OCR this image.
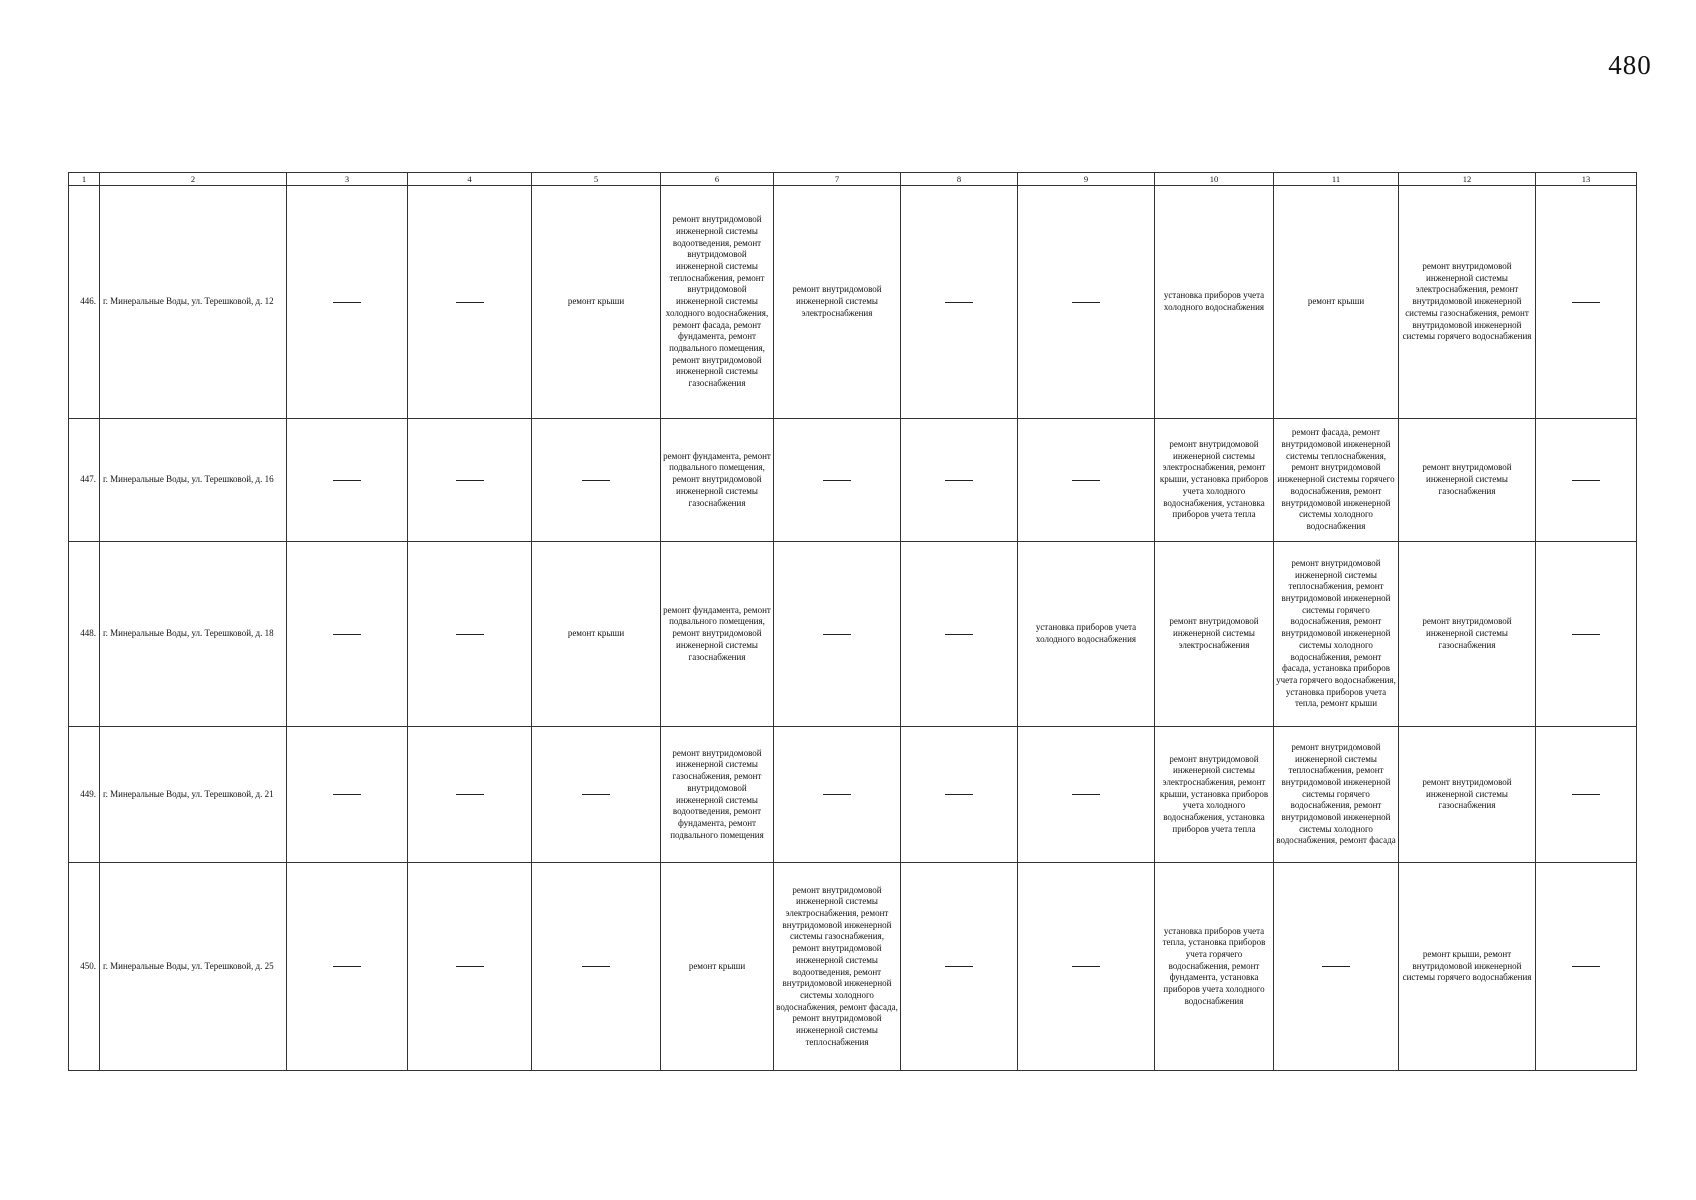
480
1	2	3	4	5	6	7	8	9	10	11	12	13
446.	г. Минеральные Воды, ул. Терешковой, д. 12			ремонт крыши	ремонт внутридомовой инженерной системы водоотведения, ремонт внутридомовой инженерной системы теплоснабжения, ремонт внутридомовой инженерной системы холодного водоснабжения, ремонт фасада, ремонт фундамента, ремонт подвального помещения, ремонт внутридомовой инженерной системы газоснабжения	ремонт внутридомовой инженерной системы электроснабжения			установка приборов учета холодного водоснабжения	ремонт крыши	ремонт внутридомовой инженерной системы электроснабжения, ремонт внутридомовой инженерной системы газоснабжения, ремонт внутридомовой инженерной системы горячего водоснабжения	
447.	г. Минеральные Воды, ул. Терешковой, д. 16				ремонт фундамента, ремонт подвального помещения, ремонт внутридомовой инженерной системы газоснабжения				ремонт внутридомовой инженерной системы электроснабжения, ремонт крыши, установка приборов учета холодного водоснабжения, установка приборов учета тепла	ремонт фасада, ремонт внутридомовой инженерной системы теплоснабжения, ремонт внутридомовой инженерной системы горячего водоснабжения, ремонт внутридомовой инженерной системы холодного водоснабжения	ремонт внутридомовой инженерной системы газоснабжения	
448.	г. Минеральные Воды, ул. Терешковой, д. 18			ремонт крыши	ремонт фундамента, ремонт подвального помещения, ремонт внутридомовой инженерной системы газоснабжения			установка приборов учета холодного водоснабжения	ремонт внутридомовой инженерной системы электроснабжения	ремонт внутридомовой инженерной системы теплоснабжения, ремонт внутридомовой инженерной системы горячего водоснабжения, ремонт внутридомовой инженерной системы холодного водоснабжения, ремонт фасада, установка приборов учета горячего водоснабжения, установка приборов учета тепла, ремонт крыши	ремонт внутридомовой инженерной системы газоснабжения	
449.	г. Минеральные Воды, ул. Терешковой, д. 21				ремонт внутридомовой инженерной системы газоснабжения, ремонт внутридомовой инженерной системы водоотведения, ремонт фундамента, ремонт подвального помещения				ремонт внутридомовой инженерной системы электроснабжения, ремонт крыши, установка приборов учета холодного водоснабжения, установка приборов учета тепла	ремонт внутридомовой инженерной системы теплоснабжения, ремонт внутридомовой инженерной системы горячего водоснабжения, ремонт внутридомовой инженерной системы холодного водоснабжения, ремонт фасада	ремонт внутридомовой инженерной системы газоснабжения	
450.	г. Минеральные Воды, ул. Терешковой, д. 25				ремонт крыши	ремонт внутридомовой инженерной системы электроснабжения, ремонт внутридомовой инженерной системы газоснабжения, ремонт внутридомовой инженерной системы водоотведения, ремонт внутридомовой инженерной системы холодного водоснабжения, ремонт фасада, ремонт внутридомовой инженерной системы теплоснабжения			установка приборов учета тепла, установка приборов учета горячего водоснабжения, ремонт фундамента, установка приборов учета холодного водоснабжения		ремонт крыши, ремонт внутридомовой инженерной системы горячего водоснабжения	
